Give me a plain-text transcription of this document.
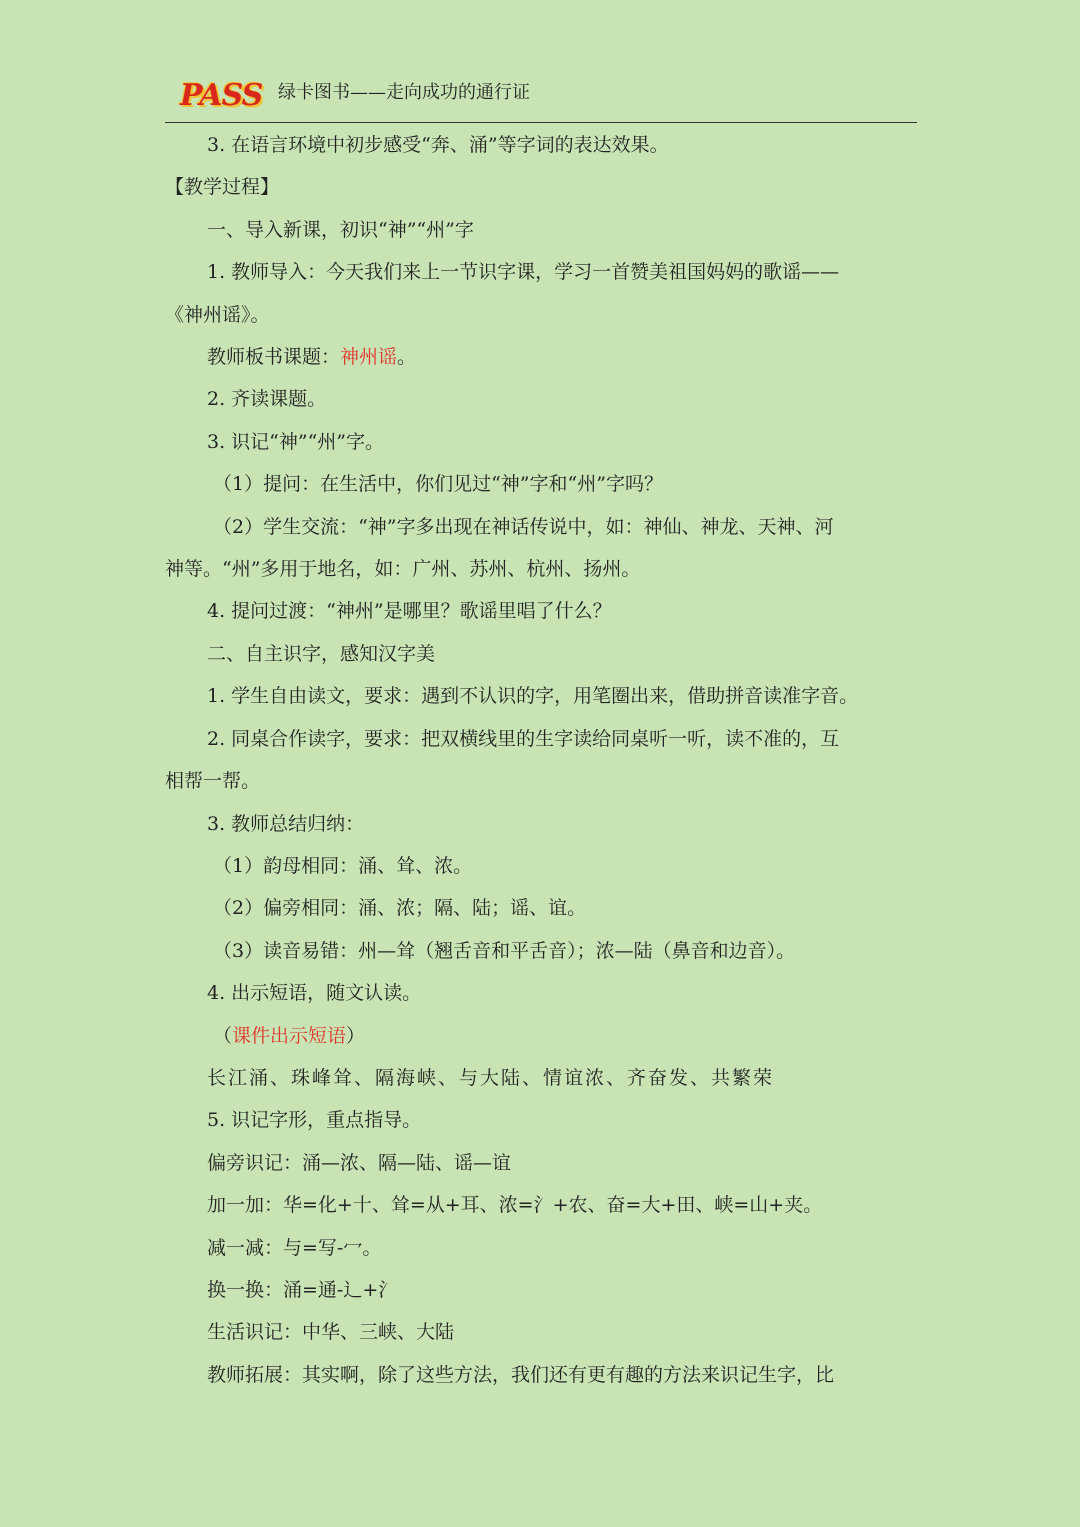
PASS 绿卡图书——走向成功的通行证

3. 在语言环境中初步感受“奔、涌”等字词的表达效果。

【教学过程】

一、导入新课，初识“神”“州”字

1. 教师导入：今天我们来上一节识字课，学习一首赞美祖国妈妈的歌谣——

《神州谣》。

教师板书课题：神州谣。

2. 齐读课题。

3. 识记“神”“州”字。

（1）提问：在生活中，你们见过“神”字和“州”字吗？

（2）学生交流：“神”字多出现在神话传说中，如：神仙、神龙、天神、河

神等。“州”多用于地名，如：广州、苏州、杭州、扬州。

4. 提问过渡：“神州”是哪里？歌谣里唱了什么？

二、自主识字，感知汉字美

1. 学生自由读文，要求：遇到不认识的字，用笔圈出来，借助拼音读准字音。

2. 同桌合作读字，要求：把双横线里的生字读给同桌听一听，读不准的，互

相帮一帮。

3. 教师总结归纳：

（1）韵母相同：涌、耸、浓。

（2）偏旁相同：涌、浓；隔、陆；谣、谊。

（3）读音易错：州—耸（翘舌音和平舌音）；浓—陆（鼻音和边音）。

4. 出示短语，随文认读。

（课件出示短语）

长江涌、珠峰耸、隔海峡、与大陆、情谊浓、齐奋发、共繁荣

5. 识记字形，重点指导。

偏旁识记：涌—浓、隔—陆、谣—谊

加一加：华=化+十、耸=从+耳、浓=氵+农、奋=大+田、峡=山+夹。

减一减：与=写-冖。

换一换：涌=通-辶+氵

生活识记：中华、三峡、大陆

教师拓展：其实啊，除了这些方法，我们还有更有趣的方法来识记生字，比
